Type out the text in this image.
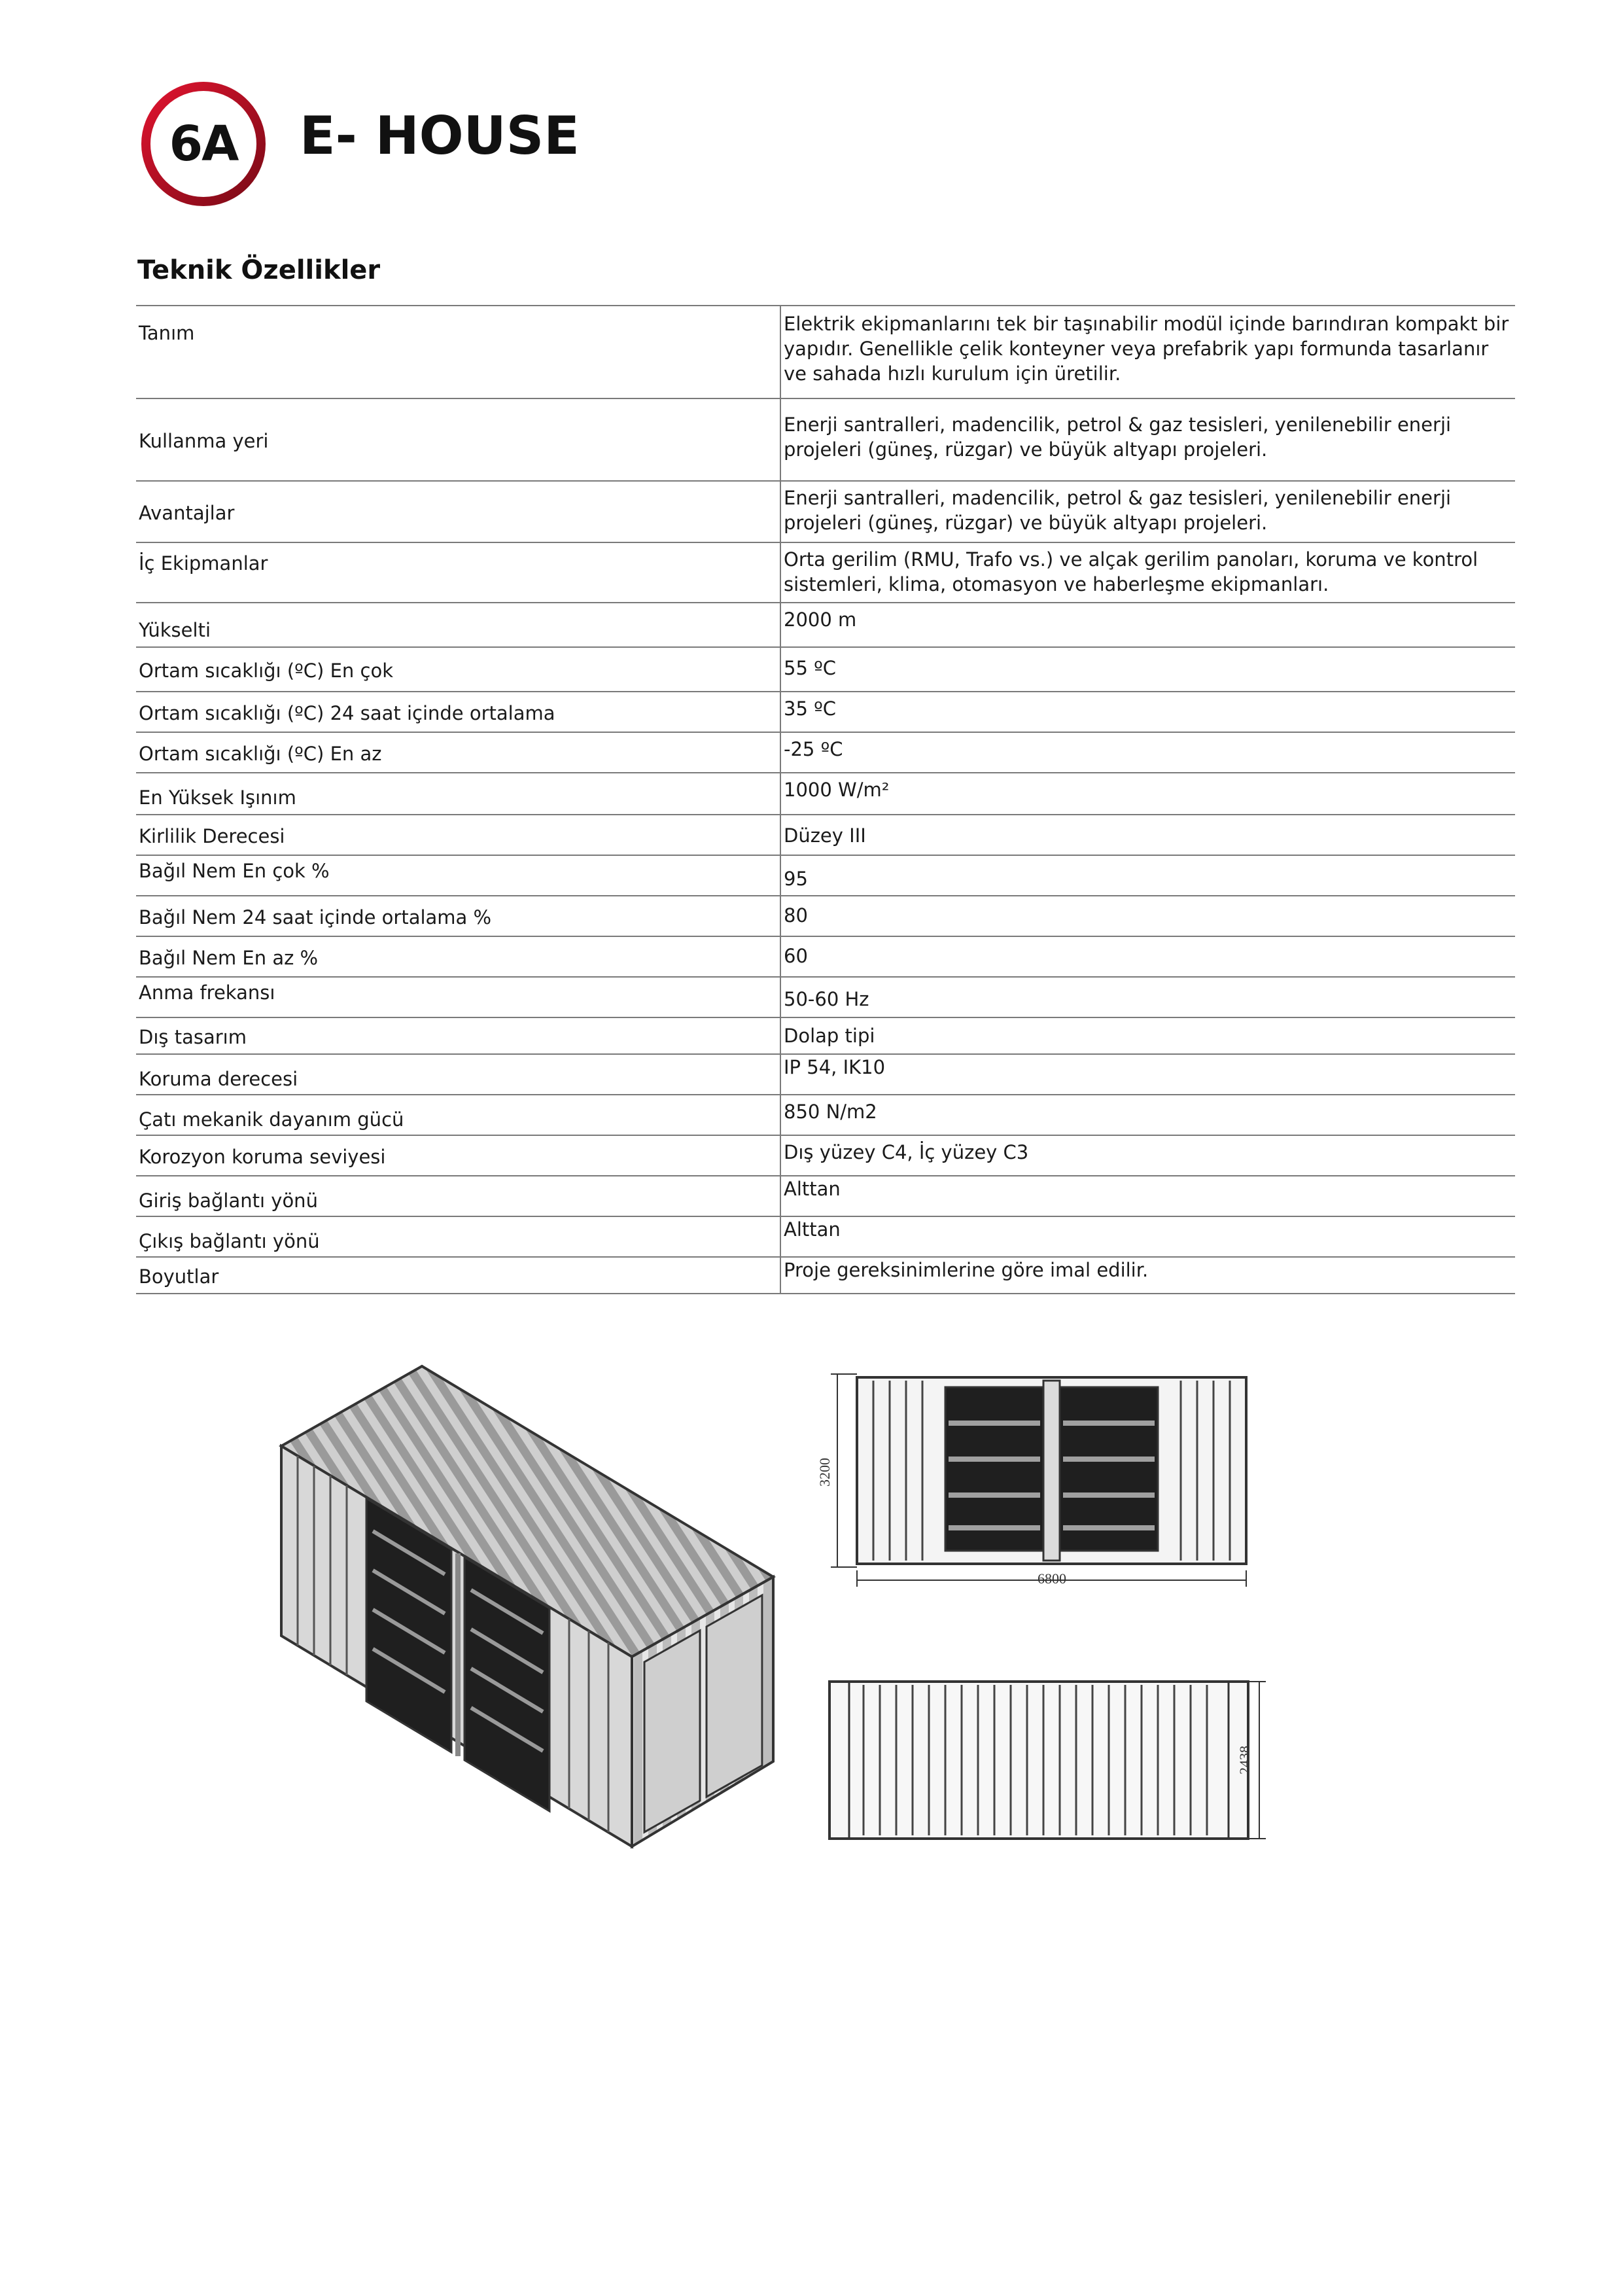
6A	E- HOUSE
Teknik Özellikler
Tanım	Elektrik ekipmanlarını tek bir taşınabilir modül içinde barındıran kompakt bir yapıdır. Genellikle çelik konteyner veya prefabrik yapı formunda tasarlanır ve sahada hızlı kurulum için üretilir.
Kullanma yeri	Enerji santralleri, madencilik, petrol & gaz tesisleri, yenilenebilir enerji projeleri (güneş, rüzgar) ve büyük altyapı projeleri.
Avantajlar	Enerji santralleri, madencilik, petrol & gaz tesisleri, yenilenebilir enerji projeleri (güneş, rüzgar) ve büyük altyapı projeleri.
İç Ekipmanlar	Orta gerilim (RMU, Trafo vs.) ve alçak gerilim panoları, koruma ve kontrol sistemleri, klima, otomasyon ve haberleşme ekipmanları.
Yükselti	2000 m
Ortam sıcaklığı (ºC) En çok	55 ºC
Ortam sıcaklığı (ºC) 24 saat içinde ortalama	35 ºC
Ortam sıcaklığı (ºC) En az	-25 ºC
En Yüksek Işınım	1000 W/m²
Kirlilik Derecesi	Düzey III
Bağıl Nem En çok %	95
Bağıl Nem 24 saat içinde ortalama %	80
Bağıl Nem En az %	60
Anma frekansı	50-60 Hz
Dış tasarım	Dolap tipi
Koruma derecesi	IP 54, IK10
Çatı mekanik dayanım gücü	850 N/m2
Korozyon koruma seviyesi	Dış yüzey C4, İç yüzey C3
Giriş bağlantı yönü	Alttan
Çıkış bağlantı yönü	Alttan
Boyutlar	Proje gereksinimlerine göre imal edilir.
3200
6800
2438
